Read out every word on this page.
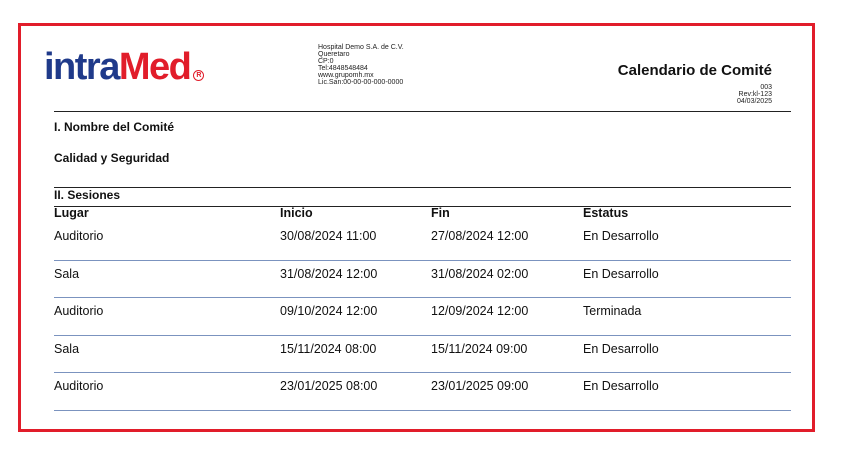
intraMed R
Hospital Demo S.A. de C.V.
Queretaro
CP:0
Tel:4848548484
www.grupomh.mx
Lic.San:00-00-00-000-0000
Calendario de Comité
003
Rev:kl-123
04/03/2025
I. Nombre del Comité
Calidad y Seguridad
II. Sesiones
Lugar	Inicio	Fin	Estatus
Auditorio	30/08/2024 11:00	27/08/2024 12:00	En Desarrollo
Sala	31/08/2024 12:00	31/08/2024 02:00	En Desarrollo
Auditorio	09/10/2024 12:00	12/09/2024 12:00	Terminada
Sala	15/11/2024 08:00	15/11/2024 09:00	En Desarrollo
Auditorio	23/01/2025 08:00	23/01/2025 09:00	En Desarrollo
